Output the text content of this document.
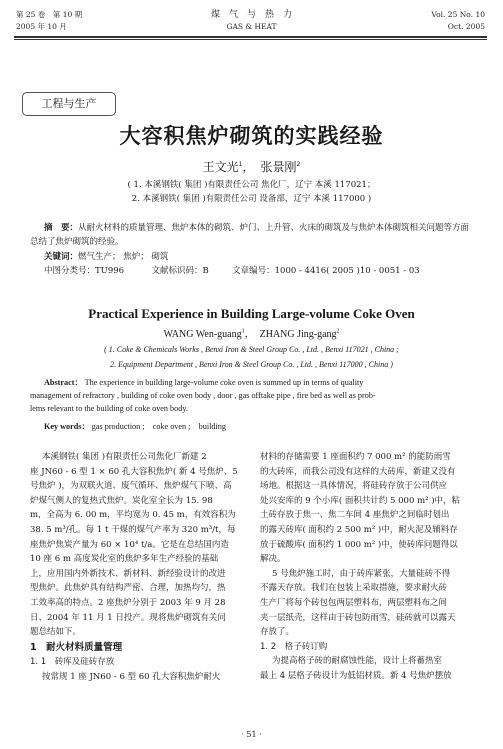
第 25 卷　第 10 期
2005 年 10 月
煤　气　与　热　力
GAS & HEAT
Vol. 25 No. 10
Oct. 2005
工程与生产
大容积焦炉砌筑的实践经验
王文光$^1$，　 张景刚$^2$
( 1. 本溪钢铁( 集团 )有限责任公司 焦化厂，辽宁 本溪 117021；
2. 本溪钢铁( 集团 )有限责任公司 设备部，辽宁 本溪 117000 )
摘　要：从耐火材料的质量管理、焦炉本体的砌筑、炉门、上升管、火床的砌筑及与焦炉本体砌筑相关问题等方面总结了焦炉砌筑的经验。
关键词：燃气生产； 焦炉； 砌筑
中图分类号：TU996	文献标识码：B	文章编号：1000 - 4416( 2005 )10 - 0051 - 03
Practical Experience in Building Large-volume Coke Oven
WANG Wen-guang$^1$，　 ZHANG Jing-gang$^2$
( 1. Coke & Chemicals Works , Benxi Iron & Steel Group Co. , Ltd. , Benxi 117021 , China ;
2. Equipment Department , Benxi Iron & Steel Group Co. , Ltd. , Benxi 117000 , China )
Abstract： The experience in building large-volume coke oven is summed up in terms of quality
management of refractory , building of coke oven body , door , gas offtake pipe , fire bed as well as prob-
lems relevant to the building of coke oven body.
Key words： gas production ;　coke oven ;　building

本溪钢铁( 集团 )有限责任公司焦化厂新建 2

座 JN60 - 6 型 1 × 60 孔大容积焦炉( 新 4 号焦炉、5

号焦炉 )，为双联火道、废气循环、焦炉煤气下喷、高

炉煤气侧人的复热式焦炉。炭化室全长为 15. 98

m，全高为 6. 00 m，平均宽为 0. 45 m，有效容积为

38. 5 m³/孔。每 1 t 干煤的煤气产率为 320 m³/t，每

座焦炉焦炭产量为 60 × 10⁴ t/a。它是在总结国内造

10 座 6 m 高度炭化室的焦炉多年生产经验的基础

上，应用国内外新技术、新材料、新经验设计的改进

型焦炉。此焦炉具有结构严密、合理，加热均匀，热

工效率高的特点。2 座焦炉分别于 2003 年 9 月 28

日、2004 年 11 月 1 日投产。现将焦炉砌筑有关问

题总结如下。

1　耐火材料质量管理

1. 1　砖库及硅砖存放

按常规 1 座 JN60 - 6 型 60 孔大容积焦炉耐火

材料的存储需要 1 座面积约 7 000 m² 的能防雨雪

的大砖库，而我公司没有这样的大砖库，新建又没有

场地。根据这一具体情况，将硅砖存放于公司供应

处兴安库的 9 个小库( 面积共计约 5 000 m² )中，粘

土砖存放于焦一、焦二车间 4 座焦炉之间临时划出

的露天砖库( 面积约 2 500 m² )中，耐火泥及辅料存

放于硫酸库( 面积约 1 000 m² )中，使砖库问题得以

解决。

5 号焦炉施工时，由于砖库紧张，大量硅砖不得

不露天存放。我们在包装上采取措施，要求耐火砖

生产厂将每个砖包包两层塑料布，两层塑料布之间

夹一层纸壳，这样由于砖包防雨雪，硅砖就可以露天

存放了。

1. 2　格子砖订购

为提高格子砖的耐腐蚀性能，设计上将蓄热室

最上 4 层格子砖设计为低铝材质。新 4 号焦炉摆放

· 51 ·
